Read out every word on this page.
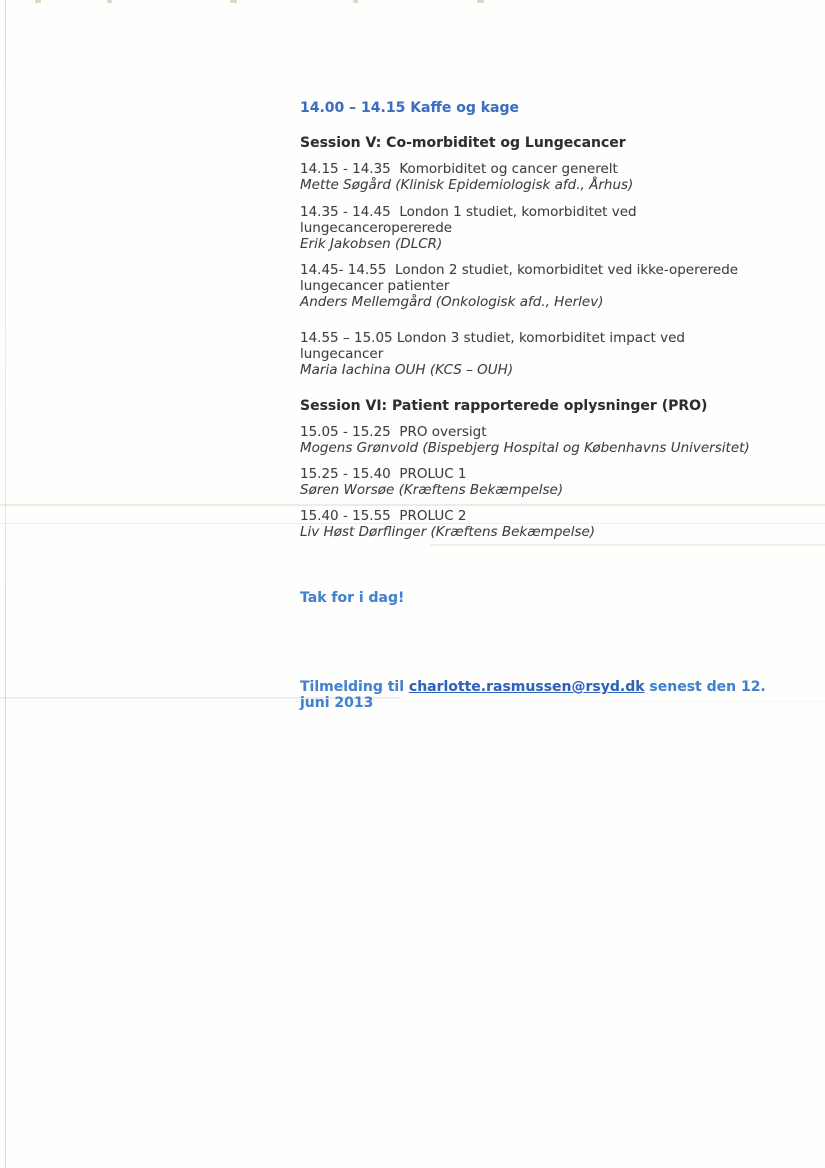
14.00 – 14.15 Kaffe og kage
Session V: Co-morbiditet og Lungecancer
14.15 - 14.35  Komorbiditet og cancer generelt
Mette Søgård (Klinisk Epidemiologisk afd., Århus)
14.35 - 14.45  London 1 studiet, komorbiditet ved
lungecanceropererede
Erik Jakobsen (DLCR)
14.45- 14.55  London 2 studiet, komorbiditet ved ikke-opererede
lungecancer patienter
Anders Mellemgård (Onkologisk afd., Herlev)
14.55 – 15.05 London 3 studiet, komorbiditet impact ved
lungecancer
Maria Iachina OUH (KCS – OUH)
Session VI: Patient rapporterede oplysninger (PRO)
15.05 - 15.25  PRO oversigt
Mogens Grønvold (Bispebjerg Hospital og Københavns Universitet)
15.25 - 15.40  PROLUC 1
Søren Worsøe (Kræftens Bekæmpelse)
15.40 - 15.55  PROLUC 2
Liv Høst Dørflinger (Kræftens Bekæmpelse)
Tak for i dag!
Tilmelding til charlotte.rasmussen@rsyd.dk senest den 12.
juni 2013
